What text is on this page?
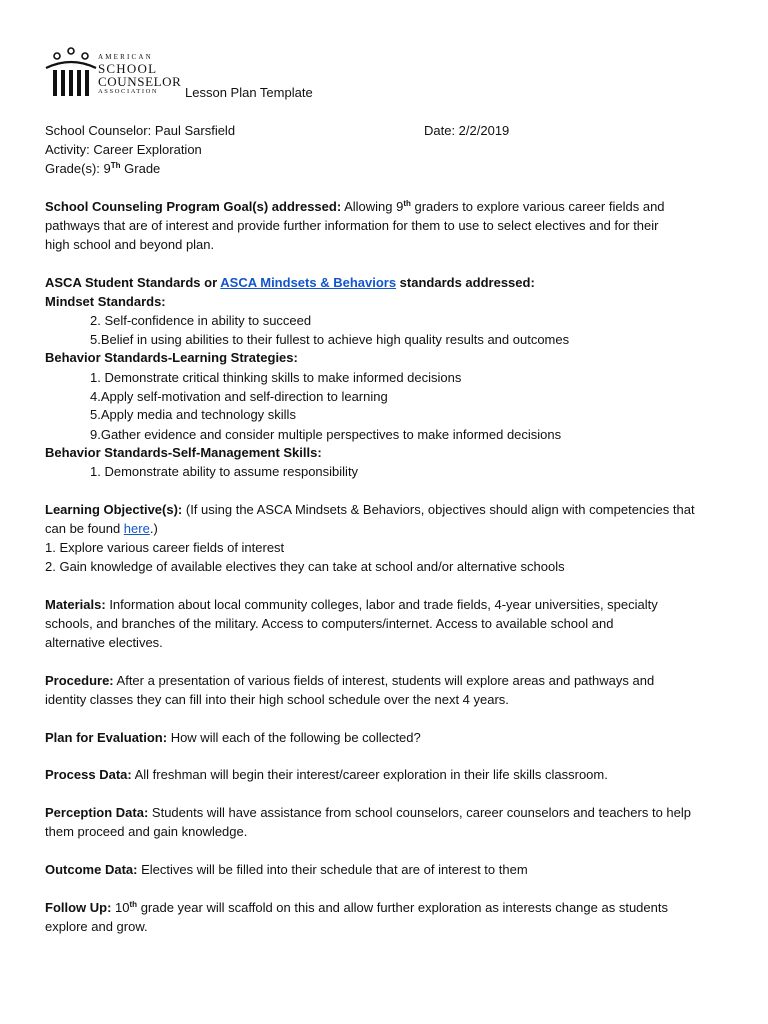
AMERICAN
SCHOOL
COUNSELOR
ASSOCIATION	Lesson Plan Template
School Counselor: Paul Sarsfield	Date: 2/2/2019
Activity: Career Exploration
Grade(s): 9Th Grade
School Counseling Program Goal(s) addressed: Allowing 9th graders to explore various career fields and
pathways that are of interest and provide further information for them to use to select electives and for their
high school and beyond plan.
ASCA Student Standards or ASCA Mindsets & Behaviors standards addressed:
Mindset Standards:
2. Self-confidence in ability to succeed
5.Belief in using abilities to their fullest to achieve high quality results and outcomes
Behavior Standards-Learning Strategies:
1. Demonstrate critical thinking skills to make informed decisions
4.Apply self-motivation and self-direction to learning
5.Apply media and technology skills
9.Gather evidence and consider multiple perspectives to make informed decisions
Behavior Standards-Self-Management Skills:
1. Demonstrate ability to assume responsibility
Learning Objective(s): (If using the ASCA Mindsets & Behaviors, objectives should align with competencies that
can be found here.)
1. Explore various career fields of interest
2. Gain knowledge of available electives they can take at school and/or alternative schools
Materials: Information about local community colleges, labor and trade fields, 4-year universities, specialty
schools, and branches of the military. Access to computers/internet. Access to available school and
alternative electives.
Procedure: After a presentation of various fields of interest, students will explore areas and pathways and
identity classes they can fill into their high school schedule over the next 4 years.
Plan for Evaluation: How will each of the following be collected?
Process Data: All freshman will begin their interest/career exploration in their life skills classroom.
Perception Data: Students will have assistance from school counselors, career counselors and teachers to help
them proceed and gain knowledge.
Outcome Data: Electives will be filled into their schedule that are of interest to them
Follow Up: 10th grade year will scaffold on this and allow further exploration as interests change as students
explore and grow.
